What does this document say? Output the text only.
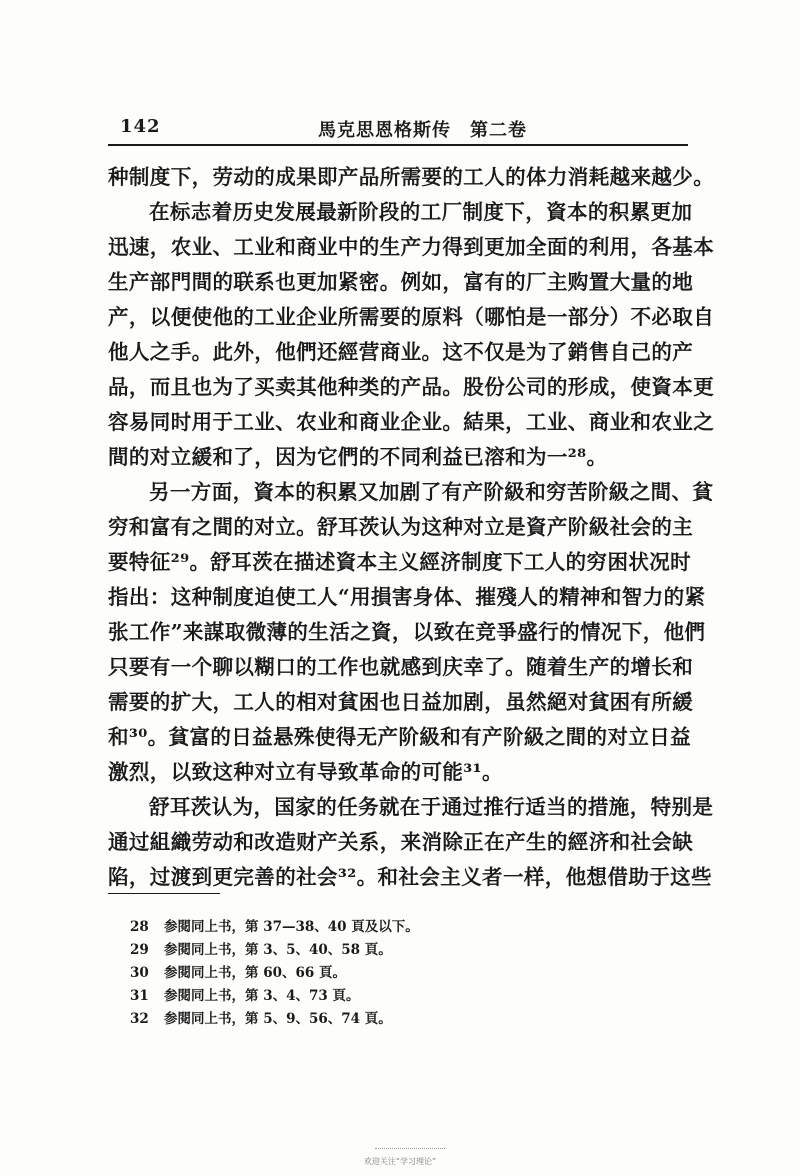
142	馬克思恩格斯传　第二卷
种制度下，劳动的成果即产品所需要的工人的体力消耗越来越少。
在标志着历史发展最新阶段的工厂制度下，資本的积累更加
迅速，农业、工业和商业中的生产力得到更加全面的利用，各基本
生产部門間的联系也更加紧密。例如，富有的厂主购置大量的地
产，以便使他的工业企业所需要的原料（哪怕是一部分）不必取自
他人之手。此外，他們还經营商业。这不仅是为了銷售自己的产
品，而且也为了买卖其他种类的产品。股份公司的形成，使資本更
容易同时用于工业、农业和商业企业。結果，工业、商业和农业之
間的对立緩和了，因为它們的不同利益已溶和为一²⁸。
另一方面，資本的积累又加剧了有产阶級和穷苦阶級之間、貧
穷和富有之間的对立。舒耳茨认为这种对立是資产阶級社会的主
要特征²⁹。舒耳茨在描述資本主义經济制度下工人的穷困状况时
指出：这种制度迫使工人“用損害身体、摧殘人的精神和智力的紧
张工作”来謀取微薄的生活之資，以致在竞爭盛行的情况下，他們
只要有一个聊以糊口的工作也就感到庆幸了。随着生产的增长和
需要的扩大，工人的相对貧困也日益加剧，虽然絕对貧困有所緩
和³⁰。貧富的日益悬殊使得无产阶級和有产阶級之間的对立日益
激烈，以致这种对立有导致革命的可能³¹。
舒耳茨认为，国家的任务就在于通过推行适当的措施，特别是
通过組織劳动和改造财产关系，来消除正在产生的經济和社会缺
陷，过渡到更完善的社会³²。和社会主义者一样，他想借助于这些
28 参閱同上书，第 37—38、40 頁及以下。
29 参閱同上书，第 3、5、40、58 頁。
30 参閱同上书，第 60、66 頁。
31 参閱同上书，第 3、4、73 頁。
32 参閱同上书，第 5、9、56、74 頁。
欢迎关注“学习理论”
